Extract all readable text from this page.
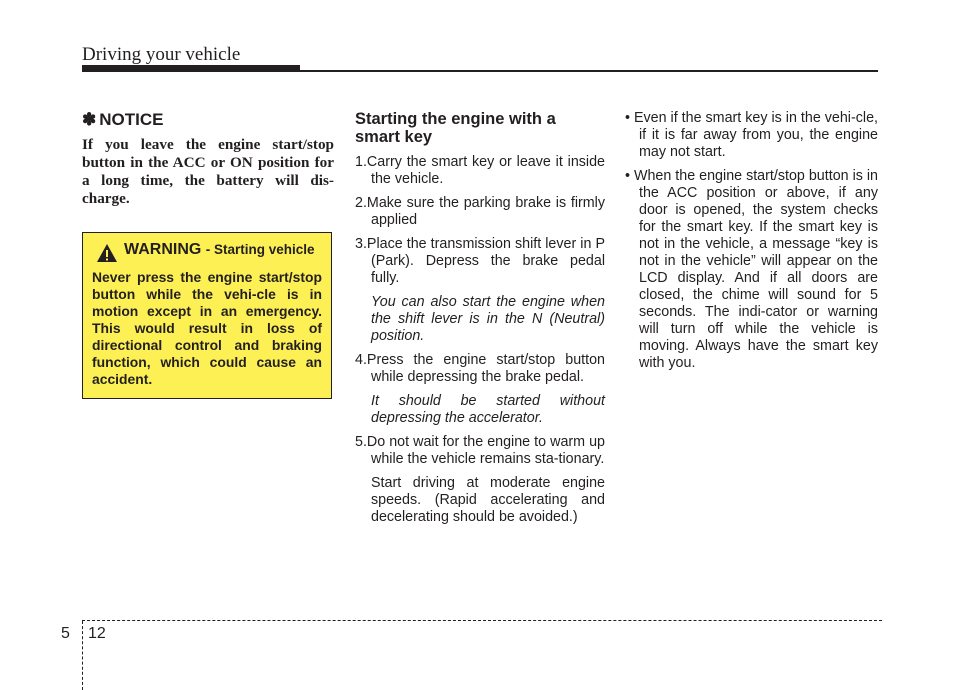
Driving your vehicle
✽ NOTICE

If you leave the engine start/stop button in the ACC or ON position for a long time, the battery will dis-charge.

WARNING - Starting vehicle

Never press the engine start/stop button while the vehi-cle is in motion except in an emergency. This would result in loss of directional control and braking function, which could cause an accident.

Starting the engine with a smart key

1.Carry the smart key or leave it inside the vehicle.

2.Make sure the parking brake is firmly applied

3.Place the transmission shift lever in P (Park). Depress the brake pedal fully.

You can also start the engine when the shift lever is in the N (Neutral) position.

4.Press the engine start/stop button while depressing the brake pedal.

It should be started without depressing the accelerator.

5.Do not wait for the engine to warm up while the vehicle remains sta-tionary.

Start driving at moderate engine speeds. (Rapid accelerating and decelerating should be avoided.)

• Even if the smart key is in the vehi-cle, if it is far away from you, the engine may not start.

• When the engine start/stop button is in the ACC position or above, if any door is opened, the system checks for the smart key. If the smart key is not in the vehicle, a message “key is not in the vehicle” will appear on the LCD display. And if all doors are closed, the chime will sound for 5 seconds. The indi-cator or warning will turn off while the vehicle is moving. Always have the smart key with you.

5 12
